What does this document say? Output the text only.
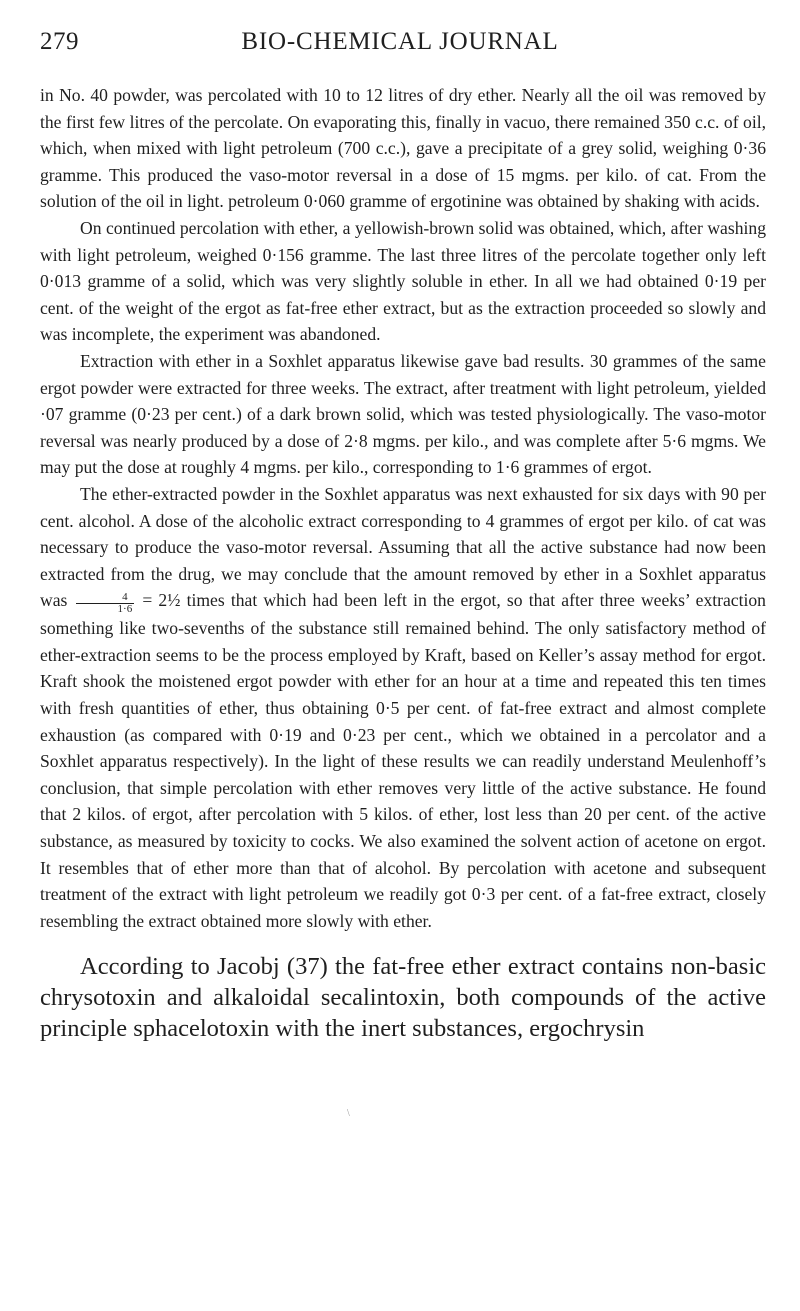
279	BIO-CHEMICAL JOURNAL

in No. 40 powder, was percolated with 10 to 12 litres of dry ether. Nearly all the oil was removed by the first few litres of the percolate. On evaporating this, finally in vacuo, there remained 350 c.c. of oil, which, when mixed with light petroleum (700 c.c.), gave a precipitate of a grey solid, weighing 0·36 gramme. This produced the vaso-motor reversal in a dose of 15 mgms. per kilo. of cat. From the solution of the oil in light. petroleum 0·060 gramme of ergotinine was obtained by shaking with acids.

On continued percolation with ether, a yellowish-brown solid was obtained, which, after washing with light petroleum, weighed 0·156 gramme. The last three litres of the percolate together only left 0·013 gramme of a solid, which was very slightly soluble in ether. In all we had obtained 0·19 per cent. of the weight of the ergot as fat-free ether extract, but as the extraction proceeded so slowly and was incomplete, the experiment was abandoned.

Extraction with ether in a Soxhlet apparatus likewise gave bad results. 30 grammes of the same ergot powder were extracted for three weeks. The extract, after treatment with light petroleum, yielded ·07 gramme (0·23 per cent.) of a dark brown solid, which was tested physiologically. The vaso-motor reversal was nearly produced by a dose of 2·8 mgms. per kilo., and was complete after 5·6 mgms. We may put the dose at roughly 4 mgms. per kilo., corresponding to 1·6 grammes of ergot.

The ether-extracted powder in the Soxhlet apparatus was next exhausted for six days with 90 per cent. alcohol. A dose of the alcoholic extract corresponding to 4 grammes of ergot per kilo. of cat was necessary to produce the vaso-motor reversal. Assuming that all the active substance had now been extracted from the drug, we may conclude that the amount removed by ether in a Soxhlet apparatus was $\frac{4}{1\cdot 6}$ = 2½ times that which had been left in the ergot, so that after three weeks’ extraction something like two-sevenths of the substance still remained behind. The only satisfactory method of ether-extraction seems to be the process employed by Kraft, based on Keller’s assay method for ergot. Kraft shook the moistened ergot powder with ether for an hour at a time and repeated this ten times with fresh quantities of ether, thus obtaining 0·5 per cent. of fat-free extract and almost complete exhaustion (as compared with 0·19 and 0·23 per cent., which we obtained in a percolator and a Soxhlet apparatus respectively). In the light of these results we can readily understand Meulenhoff’s conclusion, that simple percolation with ether removes very little of the active substance. He found that 2 kilos. of ergot, after percolation with 5 kilos. of ether, lost less than 20 per cent. of the active substance, as measured by toxicity to cocks. We also examined the solvent action of acetone on ergot. It resembles that of ether more than that of alcohol. By percolation with acetone and subsequent treatment of the extract with light petroleum we readily got 0·3 per cent. of a fat-free extract, closely resembling the extract obtained more slowly with ether.

According to Jacobj (37) the fat-free ether extract contains non-basic chrysotoxin and alkaloidal secalintoxin, both compounds of the active principle sphacelotoxin with the inert substances, ergochrysin

\
